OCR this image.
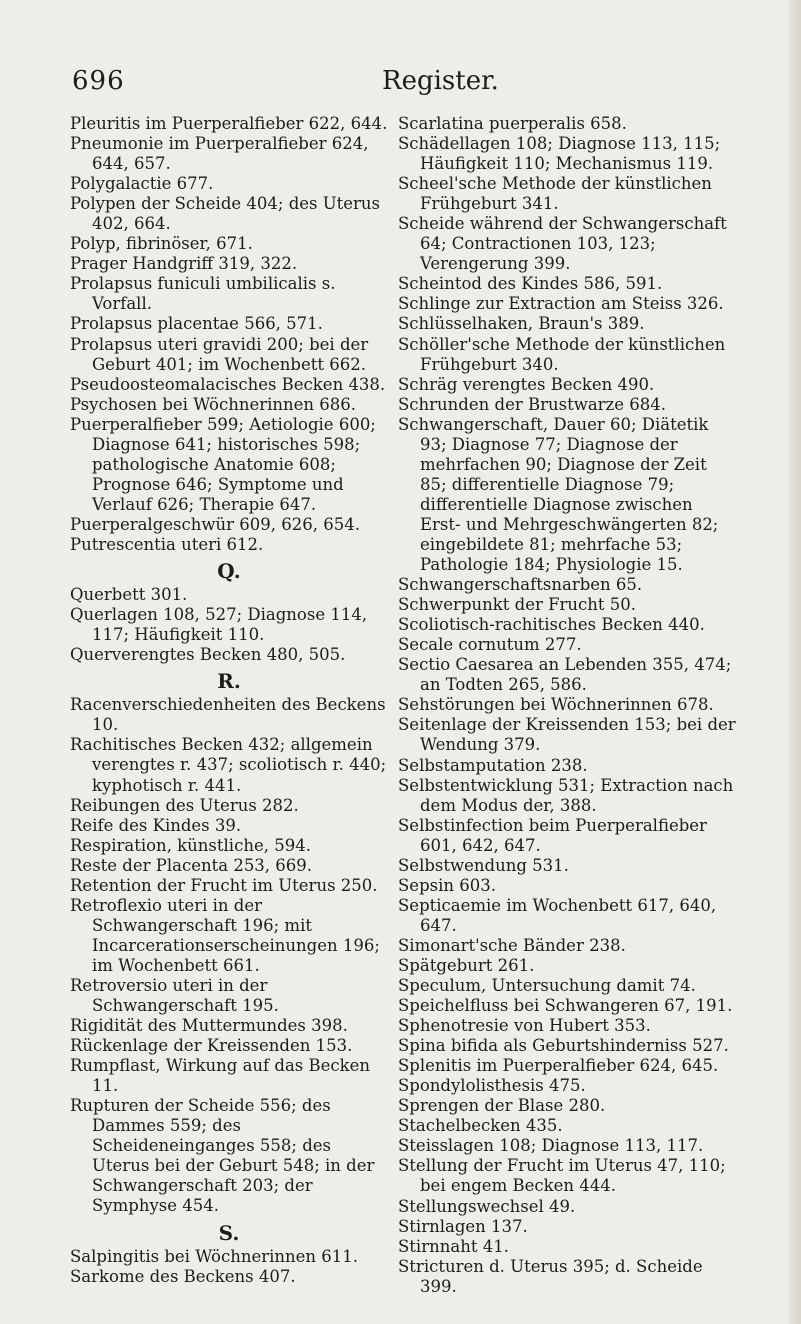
696	Register.
Pleuritis im Puerperalfieber 622, 644.
Pneumonie im Puerperalfieber 624, 644, 657.
Polygalactie 677.
Polypen der Scheide 404; des Uterus 402, 664.
Polyp, fibrinöser, 671.
Prager Handgriff 319, 322.
Prolapsus funiculi umbilicalis s. Vorfall.
Prolapsus placentae 566, 571.
Prolapsus uteri gravidi 200; bei der Geburt 401; im Wochenbett 662.
Pseudoosteomalacisches Becken 438.
Psychosen bei Wöchnerinnen 686.
Puerperalfieber 599; Aetiologie 600; Diagnose 641; historisches 598; pathologische Anatomie 608; Prognose 646; Symptome und Verlauf 626; Therapie 647.
Puerperalgeschwür 609, 626, 654.
Putrescentia uteri 612.
Q.
Querbett 301.
Querlagen 108, 527; Diagnose 114, 117; Häufigkeit 110.
Querverengtes Becken 480, 505.
R.
Racenverschiedenheiten des Beckens 10.
Rachitisches Becken 432; allgemein verengtes r. 437; scoliotisch r. 440; kyphotisch r. 441.
Reibungen des Uterus 282.
Reife des Kindes 39.
Respiration, künstliche, 594.
Reste der Placenta 253, 669.
Retention der Frucht im Uterus 250.
Retroflexio uteri in der Schwangerschaft 196; mit Incarcerationserscheinungen 196; im Wochenbett 661.
Retroversio uteri in der Schwangerschaft 195.
Rigidität des Muttermundes 398.
Rückenlage der Kreissenden 153.
Rumpflast, Wirkung auf das Becken 11.
Rupturen der Scheide 556; des Dammes 559; des Scheideneinganges 558; des Uterus bei der Geburt 548; in der Schwangerschaft 203; der Symphyse 454.
S.
Salpingitis bei Wöchnerinnen 611.
Sarkome des Beckens 407.
Scarlatina puerperalis 658.
Schädellagen 108; Diagnose 113, 115; Häufigkeit 110; Mechanismus 119.
Scheel'sche Methode der künstlichen Frühgeburt 341.
Scheide während der Schwangerschaft 64; Contractionen 103, 123; Verengerung 399.
Scheintod des Kindes 586, 591.
Schlinge zur Extraction am Steiss 326.
Schlüsselhaken, Braun's 389.
Schöller'sche Methode der künstlichen Frühgeburt 340.
Schräg verengtes Becken 490.
Schrunden der Brustwarze 684.
Schwangerschaft, Dauer 60; Diätetik 93; Diagnose 77; Diagnose der mehrfachen 90; Diagnose der Zeit 85; differentielle Diagnose 79; differentielle Diagnose zwischen Erst- und Mehrgeschwängerten 82; eingebildete 81; mehrfache 53; Pathologie 184; Physiologie 15.
Schwangerschaftsnarben 65.
Schwerpunkt der Frucht 50.
Scoliotisch-rachitisches Becken 440.
Secale cornutum 277.
Sectio Caesarea an Lebenden 355, 474; an Todten 265, 586.
Sehstörungen bei Wöchnerinnen 678.
Seitenlage der Kreissenden 153; bei der Wendung 379.
Selbstamputation 238.
Selbstentwicklung 531; Extraction nach dem Modus der, 388.
Selbstinfection beim Puerperalfieber 601, 642, 647.
Selbstwendung 531.
Sepsin 603.
Septicaemie im Wochenbett 617, 640, 647.
Simonart'sche Bänder 238.
Spätgeburt 261.
Speculum, Untersuchung damit 74.
Speichelfluss bei Schwangeren 67, 191.
Sphenotresie von Hubert 353.
Spina bifida als Geburtshinderniss 527.
Splenitis im Puerperalfieber 624, 645.
Spondylolisthesis 475.
Sprengen der Blase 280.
Stachelbecken 435.
Steisslagen 108; Diagnose 113, 117.
Stellung der Frucht im Uterus 47, 110; bei engem Becken 444.
Stellungswechsel 49.
Stirnlagen 137.
Stirnnaht 41.
Stricturen d. Uterus 395; d. Scheide 399.
